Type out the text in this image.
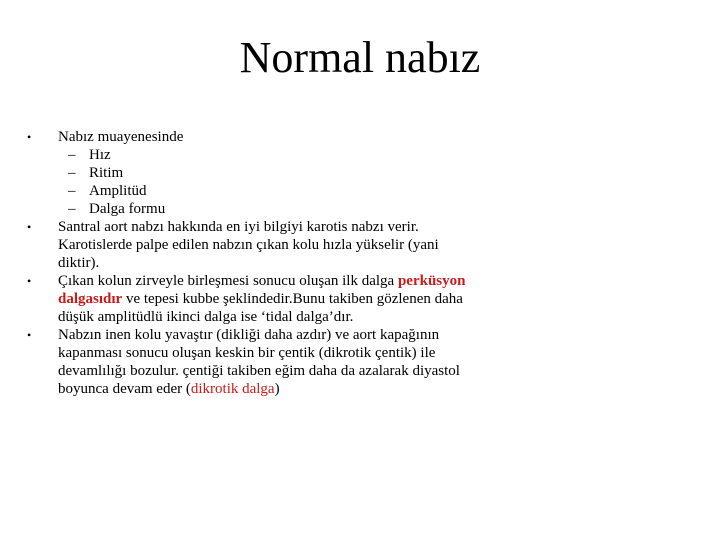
Normal nabız
•	Nabız muayenesinde
– Hız
– Ritim
– Amplitüd
– Dalga formu
•	Santral aort nabzı hakkında en iyi bilgiyi karotis nabzı verir. Karotislerde palpe edilen nabzın çıkan kolu hızla yükselir (yani diktir).
•	Çıkan kolun zirveyle birleşmesi sonucu oluşan ilk dalga perküsyon dalgasıdır ve tepesi kubbe şeklindedir.Bunu takiben gözlenen daha düşük amplitüdlü ikinci dalga ise ‘tidal dalga’dır.
•	Nabzın inen kolu yavaştır (dikliği daha azdır) ve aort kapağının kapanması sonucu oluşan keskin bir çentik (dikrotik çentik) ile devamlılığı bozulur. çentiği takiben eğim daha da azalarak diyastol boyunca devam eder (dikrotik dalga)
